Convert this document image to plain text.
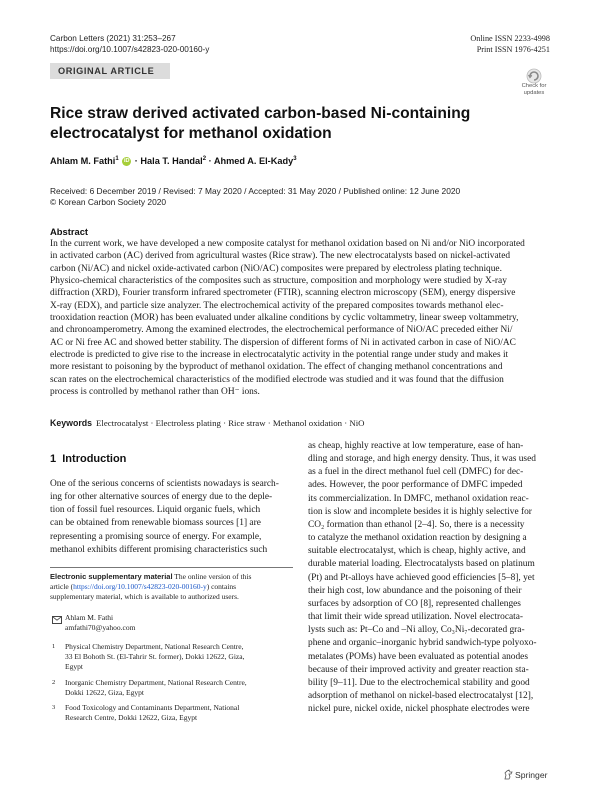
Carbon Letters (2021) 31:253–267
https://doi.org/10.1007/s42823-020-00160-y
Online ISSN 2233-4998
Print ISSN 1976-4251
ORIGINAL ARTICLE
Check for
updates
Rice straw derived activated carbon-based Ni-containing electrocatalyst for methanol oxidation
Ahlam M. Fathi$^1$ iD · Hala T. Handal$^2$ · Ahmed A. El-Kady$^3$
Received: 6 December 2019 / Revised: 7 May 2020 / Accepted: 31 May 2020 / Published online: 12 June 2020
© Korean Carbon Society 2020
Abstract
In the current work, we have developed a new composite catalyst for methanol oxidation based on Ni and/or NiO incorporated
in activated carbon (AC) derived from agricultural wastes (Rice straw). The new electrocatalysts based on nickel-activated
carbon (Ni/AC) and nickel oxide-activated carbon (NiO/AC) composites were prepared by electroless plating technique.
Physico-chemical characteristics of the composites such as structure, composition and morphology were studied by X-ray
diffraction (XRD), Fourier transform infrared spectrometer (FTIR), scanning electron microscopy (SEM), energy dispersive
X-ray (EDX), and particle size analyzer. The electrochemical activity of the prepared composites towards methanol elec-
trooxidation reaction (MOR) has been evaluated under alkaline conditions by cyclic voltammetry, linear sweep voltammetry,
and chronoamperometry. Among the examined electrodes, the electrochemical performance of NiO/AC preceded either Ni/
AC or Ni free AC and showed better stability. The dispersion of different forms of Ni in activated carbon in case of NiO/AC
electrode is predicted to give rise to the increase in electrocatalytic activity in the potential range under study and makes it
more resistant to poisoning by the byproduct of methanol oxidation. The effect of changing methanol concentrations and
scan rates on the electrochemical characteristics of the modified electrode was studied and it was found that the diffusion
process is controlled by methanol rather than OH⁻ ions.
Keywords Electrocatalyst · Electroless plating · Rice straw · Methanol oxidation · NiO
1 Introduction
One of the serious concerns of scientists nowadays is search-
ing for other alternative sources of energy due to the deple-
tion of fossil fuel resources. Liquid organic fuels, which
can be obtained from renewable biomass sources [1] are
representing a promising source of energy. For example,
methanol exhibits different promising characteristics such
Electronic supplementary material The online version of this
article (https://doi.org/10.1007/s42823-020-00160-y) contains
supplementary material, which is available to authorized users.
Ahlam M. Fathi
amfathi70@yahoo.com
1 Physical Chemistry Department, National Research Centre,
33 El Bohoth St. (El-Tahrir St. former), Dokki 12622, Giza,
Egypt
2 Inorganic Chemistry Department, National Research Centre,
Dokki 12622, Giza, Egypt
3 Food Toxicology and Contaminants Department, National
Research Centre, Dokki 12622, Giza, Egypt
as cheap, highly reactive at low temperature, ease of han-
dling and storage, and high energy density. Thus, it was used
as a fuel in the direct methanol fuel cell (DMFC) for dec-
ades. However, the poor performance of DMFC impeded
its commercialization. In DMFC, methanol oxidation reac-
tion is slow and incomplete besides it is highly selective for
CO₂ formation than ethanol [2–4]. So, there is a necessity
to catalyze the methanol oxidation reaction by designing a
suitable electrocatalyst, which is cheap, highly active, and
durable material loading. Electrocatalysts based on platinum
(Pt) and Pt-alloys have achieved good efficiencies [5–8], yet
their high cost, low abundance and the poisoning of their
surfaces by adsorption of CO [8], represented challenges
that limit their wide spread utilization. Novel electrocata-
lysts such as: Pt–Co and –Ni alloy, Co₃Ni₇-decorated gra-
phene and organic–inorganic hybrid sandwich-type polyoxo-
metalates (POMs) have been evaluated as potential anodes
because of their improved activity and greater reaction sta-
bility [9–11]. Due to the electrochemical stability and good
adsorption of methanol on nickel-based electrocatalyst [12],
nickel pure, nickel oxide, nickel phosphate electrodes were
Springer
